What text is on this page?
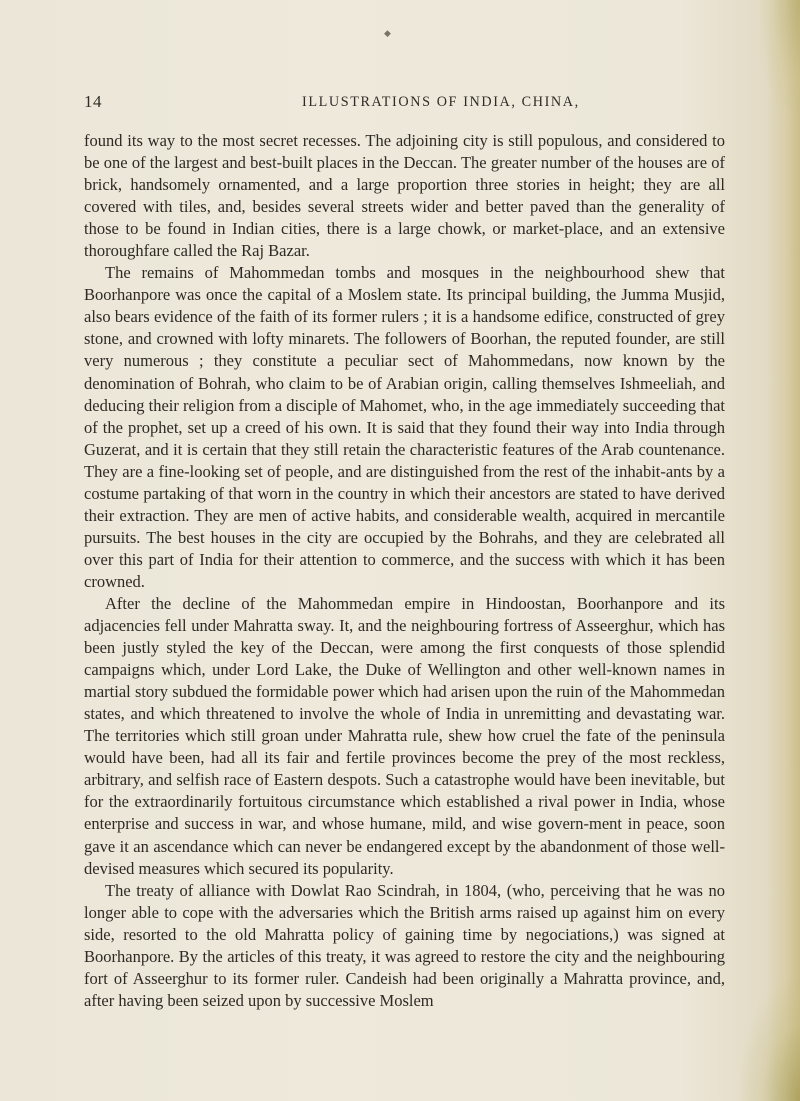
◆
14	ILLUSTRATIONS OF INDIA, CHINA,

found its way to the most secret recesses. The adjoining city is still populous, and considered to be one of the largest and best-built places in the Deccan. The greater number of the houses are of brick, handsomely ornamented, and a large proportion three stories in height; they are all covered with tiles, and, besides several streets wider and better paved than the generality of those to be found in Indian cities, there is a large chowk, or market-place, and an extensive thoroughfare called the Raj Bazar.

The remains of Mahommedan tombs and mosques in the neighbourhood shew that Boorhanpore was once the capital of a Moslem state. Its principal building, the Jumma Musjid, also bears evidence of the faith of its former rulers ; it is a handsome edifice, constructed of grey stone, and crowned with lofty minarets. The followers of Boorhan, the reputed founder, are still very numerous ; they constitute a peculiar sect of Mahommedans, now known by the denomination of Bohrah, who claim to be of Arabian origin, calling themselves Ishmeeliah, and deducing their religion from a disciple of Mahomet, who, in the age immediately succeeding that of the prophet, set up a creed of his own. It is said that they found their way into India through Guzerat, and it is certain that they still retain the characteristic features of the Arab countenance. They are a fine-looking set of people, and are distinguished from the rest of the inhabit-ants by a costume partaking of that worn in the country in which their ancestors are stated to have derived their extraction. They are men of active habits, and considerable wealth, acquired in mercantile pursuits. The best houses in the city are occupied by the Bohrahs, and they are celebrated all over this part of India for their attention to commerce, and the success with which it has been crowned.

After the decline of the Mahommedan empire in Hindoostan, Boorhanpore and its adjacencies fell under Mahratta sway. It, and the neighbouring fortress of Asseerghur, which has been justly styled the key of the Deccan, were among the first conquests of those splendid campaigns which, under Lord Lake, the Duke of Wellington and other well-known names in martial story subdued the formidable power which had arisen upon the ruin of the Mahommedan states, and which threatened to involve the whole of India in unremitting and devastating war. The territories which still groan under Mahratta rule, shew how cruel the fate of the peninsula would have been, had all its fair and fertile provinces become the prey of the most reckless, arbitrary, and selfish race of Eastern despots. Such a catastrophe would have been inevitable, but for the extraordinarily fortuitous circumstance which established a rival power in India, whose enterprise and success in war, and whose humane, mild, and wise govern-ment in peace, soon gave it an ascendance which can never be endangered except by the abandonment of those well-devised measures which secured its popularity.

The treaty of alliance with Dowlat Rao Scindrah, in 1804, (who, perceiving that he was no longer able to cope with the adversaries which the British arms raised up against him on every side, resorted to the old Mahratta policy of gaining time by negociations,) was signed at Boorhanpore. By the articles of this treaty, it was agreed to restore the city and the neighbouring fort of Asseerghur to its former ruler. Candeish had been originally a Mahratta province, and, after having been seized upon by successive Moslem
